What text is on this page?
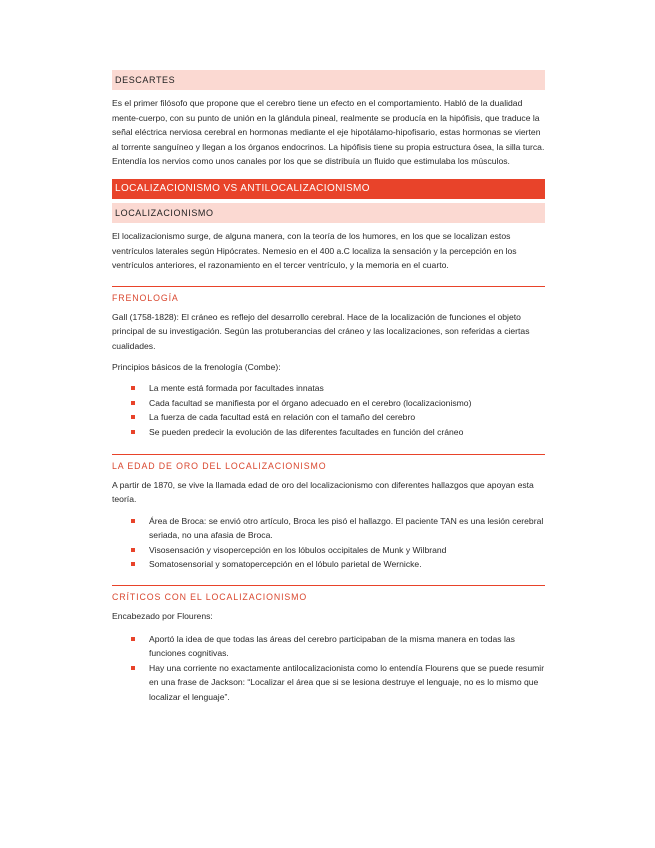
DESCARTES

Es el primer filósofo que propone que el cerebro tiene un efecto en el comportamiento. Habló de la dualidad mente-cuerpo, con su punto de unión en la glándula pineal, realmente se producía en la hipófisis, que traduce la señal eléctrica nerviosa cerebral en hormonas mediante el eje hipotálamo-hipofisario, estas hormonas se vierten al torrente sanguíneo y llegan a los órganos endocrinos. La hipófisis tiene su propia estructura ósea, la silla turca. Entendía los nervios como unos canales por los que se distribuía un fluido que estimulaba los músculos.

LOCALIZACIONISMO VS ANTILOCALIZACIONISMO
LOCALIZACIONISMO

El localizacionismo surge, de alguna manera, con la teoría de los humores, en los que se localizan estos ventrículos laterales según Hipócrates. Nemesio en el 400 a.C localiza la sensación y la percepción en los ventrículos anteriores, el razonamiento en el tercer ventrículo, y la memoria en el cuarto.

FRENOLOGÍA

Gall (1758-1828): El cráneo es reflejo del desarrollo cerebral. Hace de la localización de funciones el objeto principal de su investigación. Según las protuberancias del cráneo y las localizaciones, son referidas a ciertas cualidades.

Principios básicos de la frenología (Combe):

La mente está formada por facultades innatas
Cada facultad se manifiesta por el órgano adecuado en el cerebro (localizacionismo)
La fuerza de cada facultad está en relación con el tamaño del cerebro
Se pueden predecir la evolución de las diferentes facultades en función del cráneo
LA EDAD DE ORO DEL LOCALIZACIONISMO

A partir de 1870, se vive la llamada edad de oro del localizacionismo con diferentes hallazgos que apoyan esta teoría.

Área de Broca: se envió otro artículo, Broca les pisó el hallazgo. El paciente TAN es una lesión cerebral seriada, no una afasia de Broca.
Visosensación y visopercepción en los lóbulos occipitales de Munk y Wilbrand
Somatosensorial y somatopercepción en el lóbulo parietal de Wernicke.
CRÍTICOS CON EL LOCALIZACIONISMO

Encabezado por Flourens:

Aportó la idea de que todas las áreas del cerebro participaban de la misma manera en todas las funciones cognitivas.
Hay una corriente no exactamente antilocalizacionista como lo entendía Flourens que se puede resumir en una frase de Jackson: “Localizar el área que si se lesiona destruye el lenguaje, no es lo mismo que localizar el lenguaje”.
